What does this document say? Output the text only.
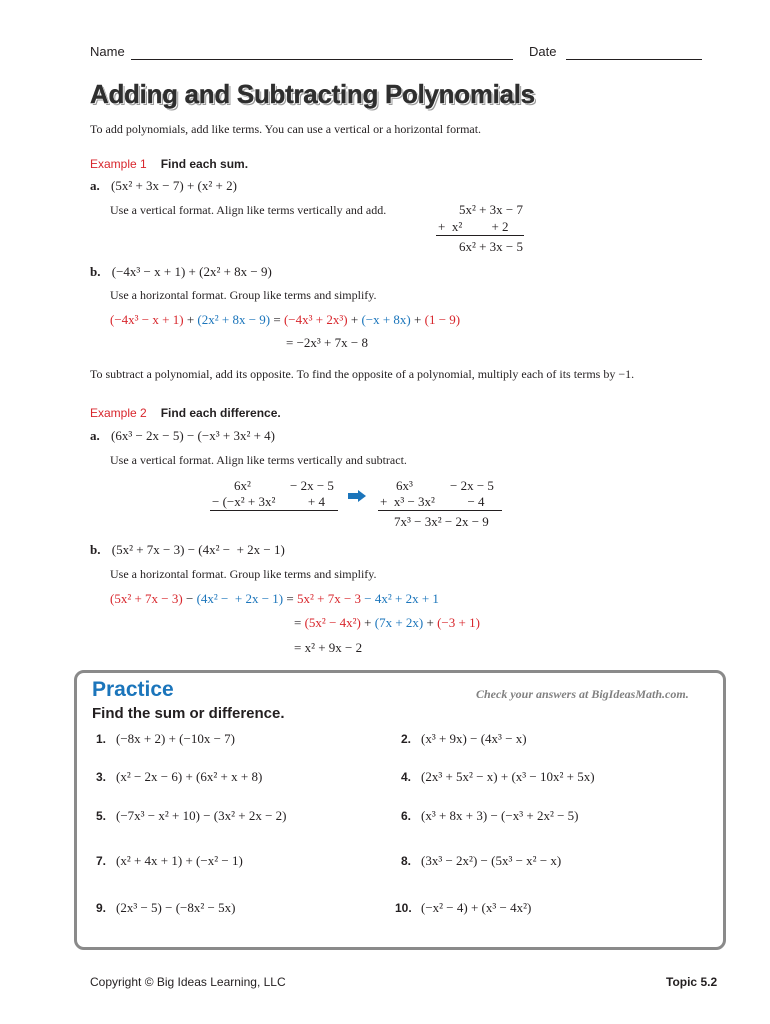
Name	Date
Adding and Subtracting Polynomials
To add polynomials, add like terms. You can use a vertical or a horizontal format.
Example 1 Find each sum.
a. (5x² + 3x − 7) + (x² + 2)
Use a vertical format. Align like terms vertically and add.	5x² + 3x − 7
+  x²         + 2
6x² + 3x − 5
b. (−4x³ − x + 1) + (2x² + 8x − 9)
Use a horizontal format. Group like terms and simplify.
(−4x³ − x + 1) + (2x² + 8x − 9) = (−4x³ + 2x³) + (−x + 8x) + (1 − 9)
= −2x³ + 7x − 8
To subtract a polynomial, add its opposite. To find the opposite of a polynomial, multiply each of its terms by −1.
Example 2 Find each difference.
a. (6x³ − 2x − 5) − (−x³ + 3x² + 4)
Use a vertical format. Align like terms vertically and subtract.
6x²	− 2x − 5
− (−x² + 3x²          + 4
6x³	− 2x − 5
+  x³ − 3x²          − 4
7x³ − 3x² − 2x − 9
b. (5x² + 7x − 3) − (4x² −  + 2x − 1)
Use a horizontal format. Group like terms and simplify.
(5x² + 7x − 3) − (4x² −  + 2x − 1) = 5x² + 7x − 3 − 4x² + 2x + 1
= (5x² − 4x²) + (7x + 2x) + (−3 + 1)
= x² + 9x − 2
Practice	Check your answers at BigIdeasMath.com.
Find the sum or difference.
1. (−8x + 2) + (−10x − 7)	2. (x³ + 9x) − (4x³ − x)
3. (x² − 2x − 6) + (6x² + x + 8)	4. (2x³ + 5x² − x) + (x³ − 10x² + 5x)
5. (−7x³ − x² + 10) − (3x² + 2x − 2)	6. (x³ + 8x + 3) − (−x³ + 2x² − 5)
7. (x² + 4x + 1) + (−x² − 1)	8. (3x³ − 2x²) − (5x³ − x² − x)
9. (2x³ − 5) − (−8x² − 5x)	10. (−x² − 4) + (x³ − 4x²)
Copyright © Big Ideas Learning, LLC	Topic 5.2
